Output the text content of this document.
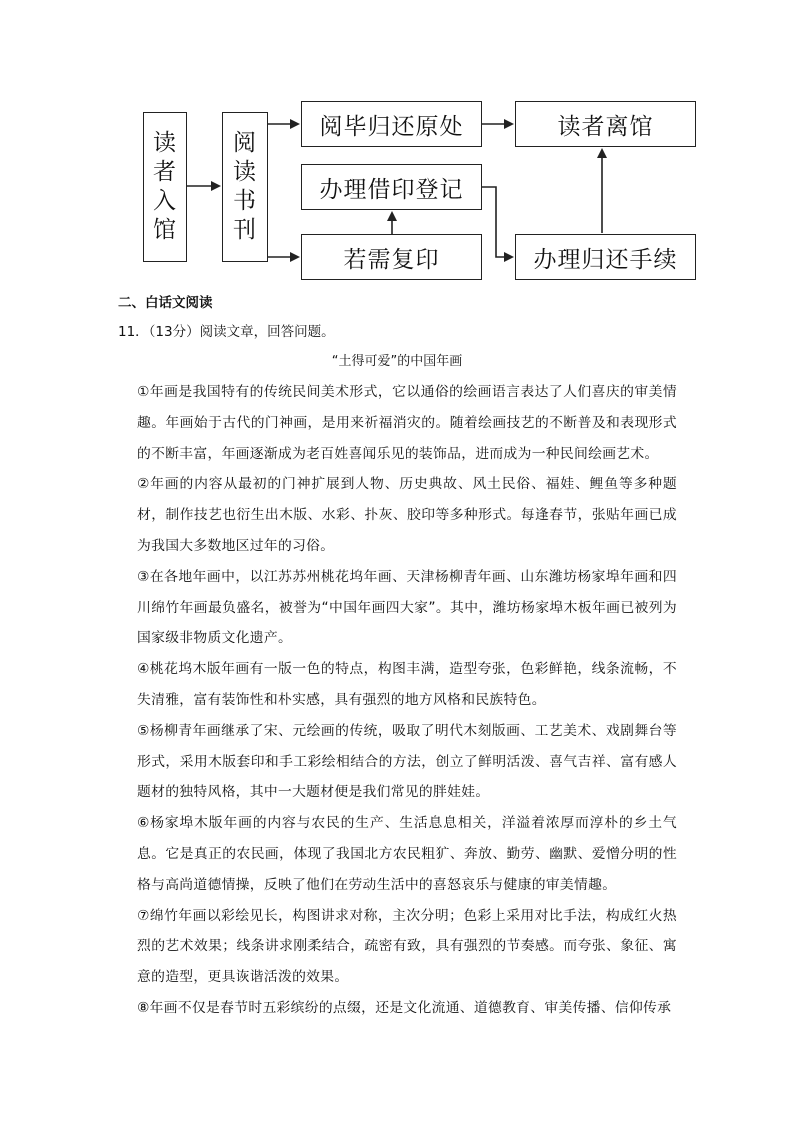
读
者
入
馆
阅
读
书
刊
阅毕归还原处	读者离馆
办理借印登记
若需复印	办理归还手续
二、白话文阅读
11．（13分）阅读文章，回答问题。
“土得可爱”的中国年画

①年画是我国特有的传统民间美术形式，它以通俗的绘画语言表达了人们喜庆的审美情趣。年画始于古代的门神画，是用来祈福消灾的。随着绘画技艺的不断普及和表现形式的不断丰富，年画逐渐成为老百姓喜闻乐见的装饰品，进而成为一种民间绘画艺术。

②年画的内容从最初的门神扩展到人物、历史典故、风土民俗、福娃、鲤鱼等多种题材，制作技艺也衍生出木版、水彩、扑灰、胶印等多种形式。每逢春节，张贴年画已成为我国大多数地区过年的习俗。

③在各地年画中，以江苏苏州桃花坞年画、天津杨柳青年画、山东潍坊杨家埠年画和四川绵竹年画最负盛名，被誉为“中国年画四大家”。其中，潍坊杨家埠木板年画已被列为国家级非物质文化遗产。

④桃花坞木版年画有一版一色的特点，构图丰满，造型夸张，色彩鲜艳，线条流畅，不失清雅，富有装饰性和朴实感，具有强烈的地方风格和民族特色。

⑤杨柳青年画继承了宋、元绘画的传统，吸取了明代木刻版画、工艺美术、戏剧舞台等形式，采用木版套印和手工彩绘相结合的方法，创立了鲜明活泼、喜气吉祥、富有感人题材的独特风格，其中一大题材便是我们常见的胖娃娃。

⑥杨家埠木版年画的内容与农民的生产、生活息息相关，洋溢着浓厚而淳朴的乡土气息。它是真正的农民画，体现了我国北方农民粗犷、奔放、勤劳、幽默、爱憎分明的性格与高尚道德情操，反映了他们在劳动生活中的喜怒哀乐与健康的审美情趣。

⑦绵竹年画以彩绘见长，构图讲求对称，主次分明；色彩上采用对比手法，构成红火热烈的艺术效果；线条讲求刚柔结合，疏密有致，具有强烈的节奏感。而夸张、象征、寓意的造型，更具诙谐活泼的效果。

⑧年画不仅是春节时五彩缤纷的点缀，还是文化流通、道德教育、审美传播、信仰传承
